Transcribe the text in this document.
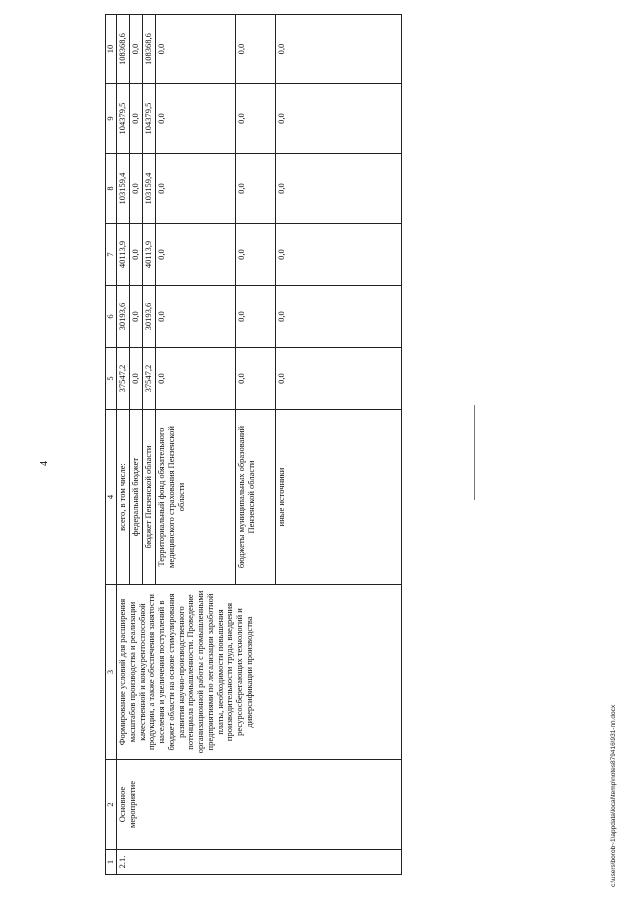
4
1	2	3	4	5	6	7	8	9	10
2.1.	Основное мероприятие	Формирование условий для расширения масштабов производства и реализации качественной и конкурентоспособной продукции, а также обеспечения занятости населения и увеличения поступлений в бюджет области на основе стимулирования развития научно-производственного потенциала промышленности. Проведение организационной работы с промышленными предприятиями по легализации заработной платы, необходимости повышения производительности труда, внедрения ресурсосберегающих технологий и диверсификации производства	всего, в том числе:	37547,2	30193,6	40113,9	103159,4	104379,5	108368,6
			федеральный бюджет	0,0	0,0	0,0	0,0	0,0	0,0
			бюджет Пензенской области	37547,2	30193,6	40113,9	103159,4	104379,5	108368,6
			Территориальный фонд обязательного медицинского страхования Пензенской области	0,0	0,0	0,0	0,0	0,0	0,0
			бюджеты муниципальных образований Пензенской области	0,0	0,0	0,0	0,0	0,0	0,0
			иные источники	0,0	0,0	0,0	0,0	0,0	0,0
c:\users\borob~1\appdata\local\temp\notes879416\931-пп.docx
